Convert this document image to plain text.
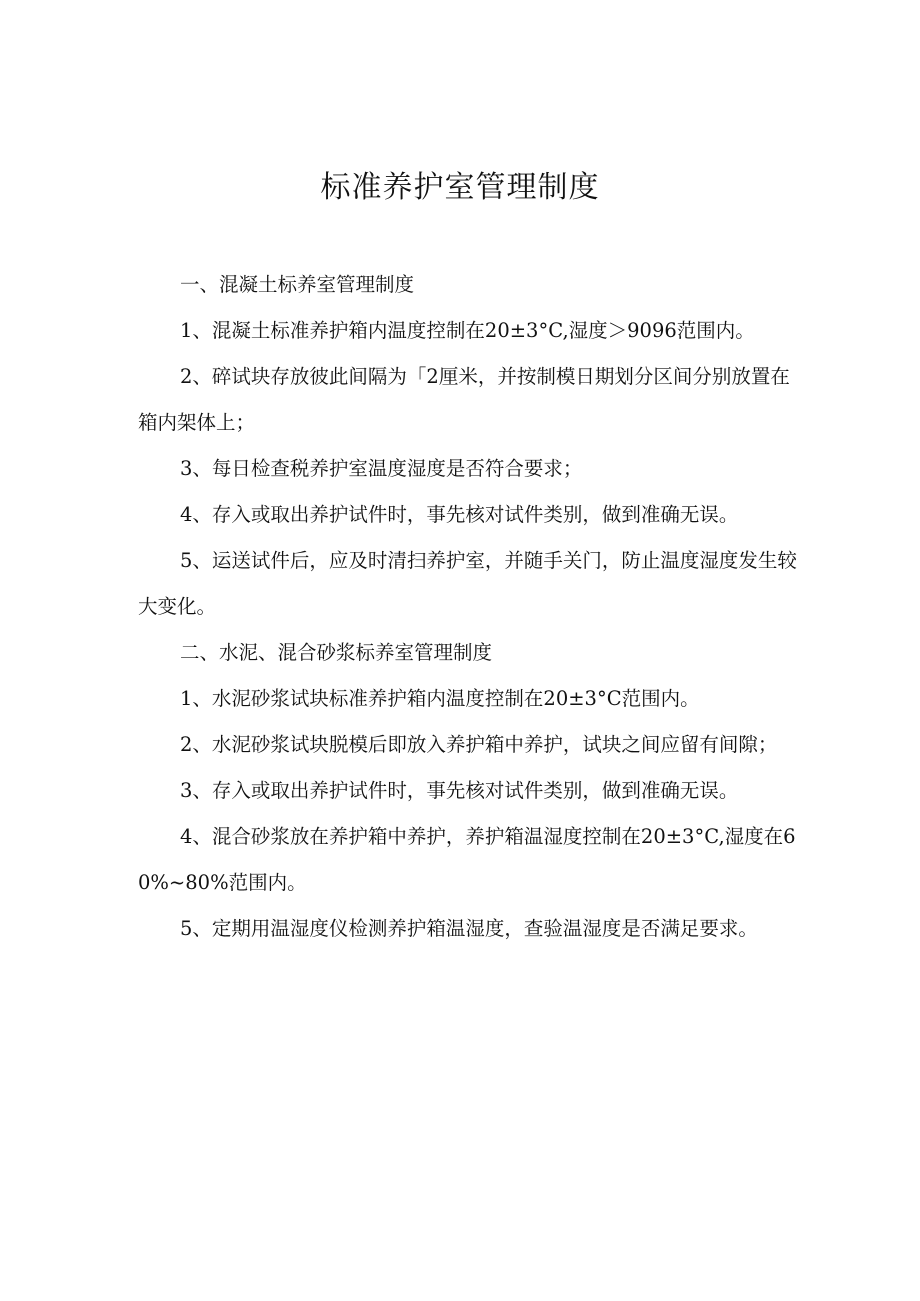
标准养护室管理制度

一、混凝土标养室管理制度

1、混凝土标准养护箱内温度控制在20±3°C,湿度＞9096范围内。

2、碎试块存放彼此间隔为「2厘米，并按制模日期划分区间分别放置在箱内架体上；

3、每日检查税养护室温度湿度是否符合要求；

4、存入或取出养护试件时，事先核对试件类别，做到准确无误。

5、运送试件后，应及时清扫养护室，并随手关门，防止温度湿度发生较大变化。

二、水泥、混合砂浆标养室管理制度

1、水泥砂浆试块标准养护箱内温度控制在20±3°C范围内。

2、水泥砂浆试块脱模后即放入养护箱中养护，试块之间应留有间隙；

3、存入或取出养护试件时，事先核对试件类别，做到准确无误。

4、混合砂浆放在养护箱中养护，养护箱温湿度控制在20±3°C,湿度在60%~80%范围内。

5、定期用温湿度仪检测养护箱温湿度，查验温湿度是否满足要求。
